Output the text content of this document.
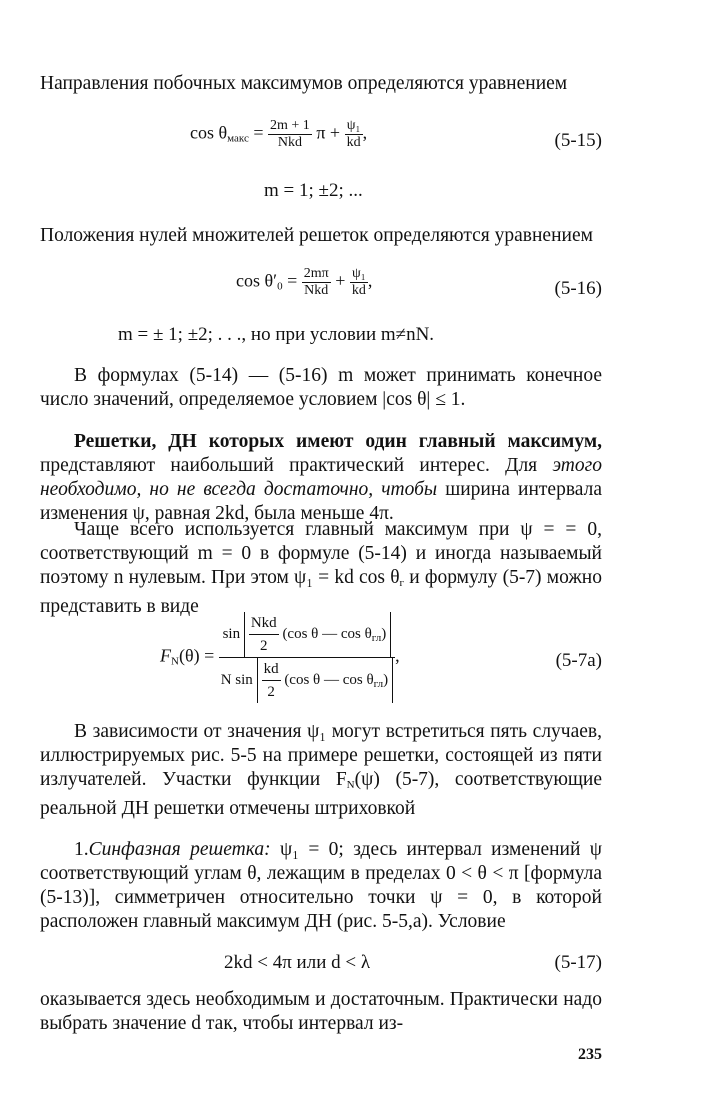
Направления побочных максимумов определяются уравнением

$\cos \theta_{макс} = \frac{2m + 1}{\text{Nkd}}$ $\pi + \frac{\text{ψ₁}}{kd}$ ,	(5-15)
m = 1; ±2; ...

Положения нулей множителей решеток определяются уравнением

$\cos \theta'_0 = \frac{2m\pi}{\text{Nkd}} + \frac{\text{ψ₁}}{kd}$ ,	(5-16)
m = ± 1; ±2; . . ., но при условии m≠nN.

В формулах (5-14) — (5-16) m может принимать конечное число значений, определяемое условием |cos θ| ≤ 1.

Решетки, ДН которых имеют один главный максимум, представляют наибольший практический интерес. Для этого необходимо, но не всегда достаточно, чтобы ширина интервала изменения ψ, равная 2kd, была меньше 4π.

Чаще всего используется главный максимум при ψ = = 0, соответствующий m = 0 в формуле (5-14) и иногда называемый поэтому n нулевым. При этом ψ₁ = kd $\cos \theta_г$ и формулу (5-7) можно представить в виде

$F_N(\theta) = \frac{\sin \frac{\text{Nkd}}{2} (\cos \theta — \cos \theta_{гл})}{N \sin \frac{kd}{2} (\cos \theta — \cos \theta_{гл})}$ ,	(5-7а)

В зависимости от значения ψ₁ могут встретиться пять случаев, иллюстрируемых рис. 5-5 на примере решетки, состоящей из пяти излучателей. Участки функции $F_N(\psi)$ (5-7), соответствующие реальной ДН решетки отмечены штриховкой

1.Синфазная решетка: ψ₁ = 0; здесь интервал изменений ψ соответствующий углам θ, лежащим в пределах 0 < θ < π [формула (5-13)], симметричен относительно точки ψ = 0, в которой расположен главный максимум ДН (рис. 5-5,а). Условие

2kd < 4π или d < λ	(5-17)

оказывается здесь необходимым и достаточным. Практически надо выбрать значение d так, чтобы интервал из-

235
